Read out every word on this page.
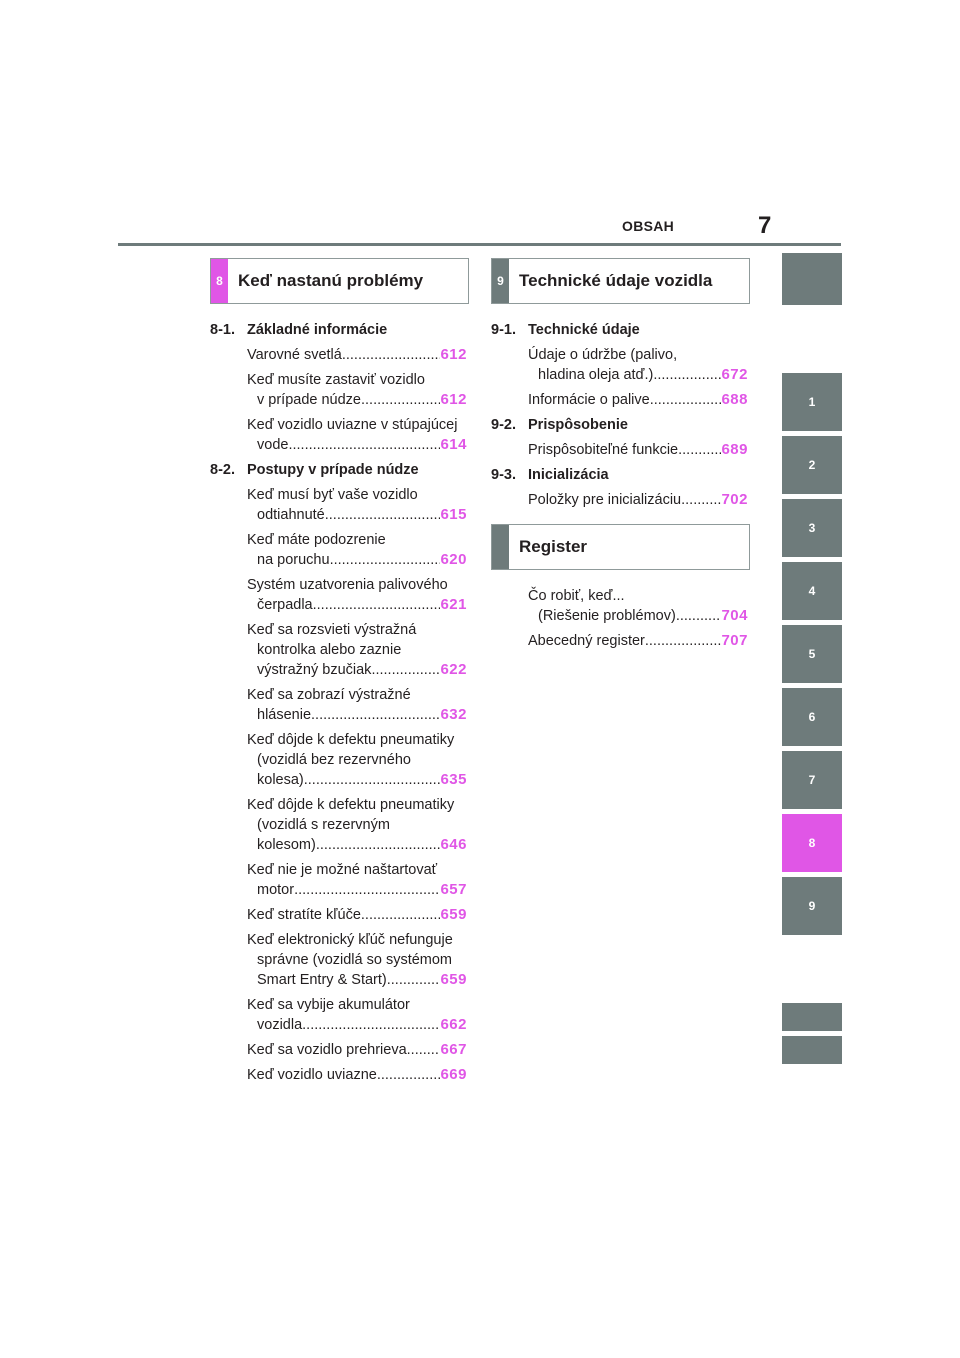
OBSAH	7
8 Keď nastanú problémy
8-1. Základné informácie
Varovné svetlá .....	612
Keď musíte zastaviť vozidlo
v prípade núdze .....	612
Keď vozidlo uviazne v stúpajúcej
vode .....	614
8-2. Postupy v prípade núdze
Keď musí byť vaše vozidlo
odtiahnuté .....	615
Keď máte podozrenie
na poruchu .....	620
Systém uzatvorenia palivového
čerpadla .....	621
Keď sa rozsvieti výstražná
kontrolka alebo zaznie
výstražný bzučiak .....	622
Keď sa zobrazí výstražné
hlásenie .....	632
Keď dôjde k defektu pneumatiky
(vozidlá bez rezervného
kolesa) .....	635
Keď dôjde k defektu pneumatiky
(vozidlá s rezervným
kolesom) .....	646
Keď nie je možné naštartovať
motor .....	657
Keď stratíte kľúče .....	659
Keď elektronický kľúč nefunguje
správne (vozidlá so systémom
Smart Entry & Start) .....	659
Keď sa vybije akumulátor
vozidla .....	662
Keď sa vozidlo prehrieva ..... 667
Keď vozidlo uviazne .....	669
9 Technické údaje vozidla
9-1. Technické údaje
Údaje o údržbe (palivo,
hladina oleja atď.) .....	672
Informácie o palive .....	688
9-2. Prispôsobenie
Prispôsobiteľné funkcie .....	689
9-3. Inicializácia
Položky pre inicializáciu .....	702
Register
Čo robiť, keď...
(Riešenie problémov) .....	704
Abecedný register .....	707
1
2
3
4
5
6
7
8
9
